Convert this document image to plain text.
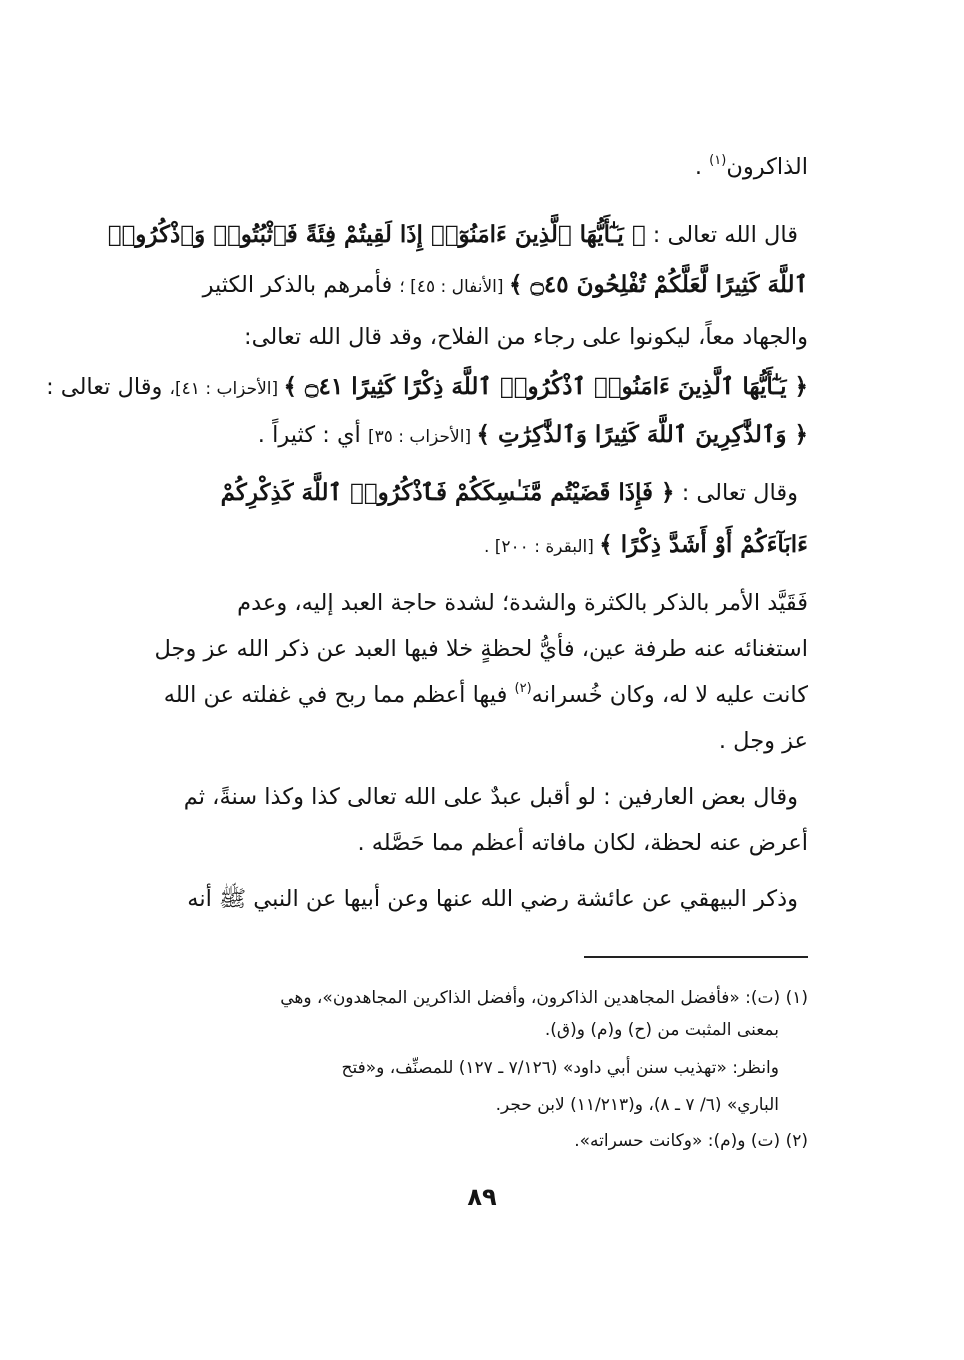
الذاكرون$^{(١)}$ .
قال الله تعالى : ﴿ يَـٰٓأَيُّهَا ٱلَّذِينَ ءَامَنُوٓا۟ إِذَا لَقِيتُمْ فِئَةً فَٱثْبُتُوا۟ وَٱذْكُرُوا۟
ٱللَّهَ كَثِيرًا لَّعَلَّكُمْ تُفْلِحُونَ ۝٤٥ ﴾ [الأنفال : ٤٥] ؛ فأمرهم بالذكر الكثير
والجهاد معاً، ليكونوا على رجاء من الفلاح، وقد قال الله تعالى:
﴿ يَـٰٓأَيُّهَا ٱلَّذِينَ ءَامَنُوا۟ ٱذْكُرُوا۟ ٱللَّهَ ذِكْرًا كَثِيرًا ۝٤١ ﴾ [الأحزاب : ٤١]، وقال تعالى :
﴿ وَٱلذَّٰكِرِينَ ٱللَّهَ كَثِيرًا وَٱلذَّٰكِرَٰتِ ﴾ [الأحزاب : ٣٥] أي : كثيراً .
وقال تعالى : ﴿ فَإِذَا قَضَيْتُم مَّنَـٰسِكَكُمْ فَٱذْكُرُوا۟ ٱللَّهَ كَذِكْرِكُمْ
ءَابَآءَكُمْ أَوْ أَشَدَّ ذِكْرًا ﴾ [البقرة : ٢٠٠] .
فَقَيَّد الأمر بالذكر بالكثرة والشدة؛ لشدة حاجة العبد إليه، وعدم
استغنائه عنه طرفة عين، فأيُّ لحظةٍ خلا فيها العبد عن ذكر الله عز وجل
كانت عليه لا له، وكان خُسرانه$^{(٢)}$ فيها أعظم مما ربح في غفلته عن الله
عز وجل .
وقال بعض العارفين : لو أقبل عبدٌ على الله تعالى كذا وكذا سنةً، ثم
أعرض عنه لحظة، لكان مافاته أعظم مما حَصَّله .
وذكر البيهقي عن عائشة رضي الله عنها وعن أبيها عن النبي ﷺ أنه
(١) (ت): «فأفضل المجاهدين الذاكرون، وأفضل الذاكرين المجاهدون»، وهي
بمعنى المثبت من (ح) و(م) و(ق).
وانظر: «تهذيب سنن أبي داود» (٧/١٢٦ ـ ١٢٧) للمصنِّف، و«فتح
الباري» (٦/ ٧ ـ ٨)، و(١١/٢١٣) لابن حجر.
(٢) (ت) و(م): «وكانت حسراته».
٨٩
